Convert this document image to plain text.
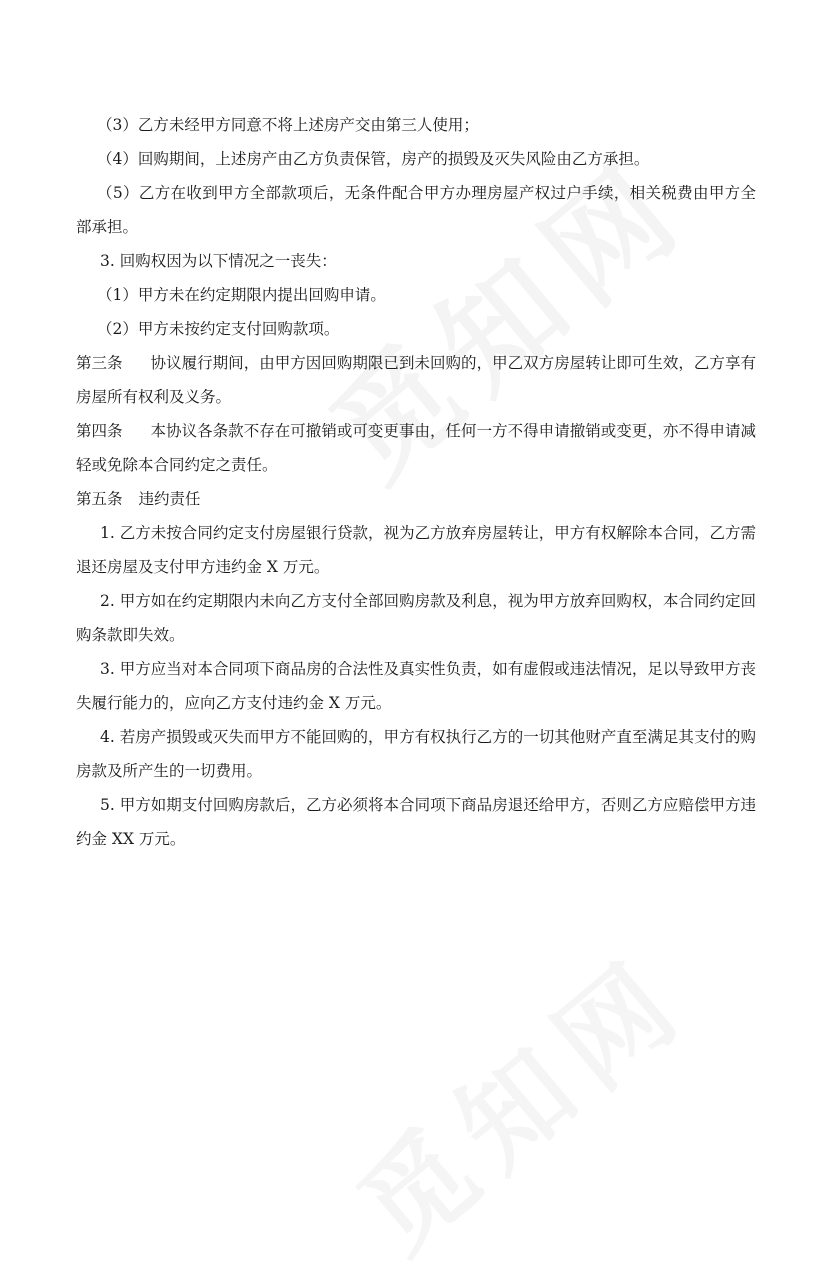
（3）乙方未经甲方同意不将上述房产交由第三人使用；

（4）回购期间，上述房产由乙方负责保管，房产的损毁及灭失风险由乙方承担。

（5）乙方在收到甲方全部款项后，无条件配合甲方办理房屋产权过户手续，相关税费由甲方全部承担。

3. 回购权因为以下情况之一丧失：

（1）甲方未在约定期限内提出回购申请。

（2）甲方未按约定支付回购款项。

第三条 协议履行期间，由甲方因回购期限已到未回购的，甲乙双方房屋转让即可生效，乙方享有房屋所有权利及义务。

第四条 本协议各条款不存在可撤销或可变更事由，任何一方不得申请撤销或变更，亦不得申请减轻或免除本合同约定之责任。

第五条 违约责任

1. 乙方未按合同约定支付房屋银行贷款，视为乙方放弃房屋转让，甲方有权解除本合同，乙方需退还房屋及支付甲方违约金 X 万元。

2. 甲方如在约定期限内未向乙方支付全部回购房款及利息，视为甲方放弃回购权，本合同约定回购条款即失效。

3. 甲方应当对本合同项下商品房的合法性及真实性负责，如有虚假或违法情况，足以导致甲方丧失履行能力的，应向乙方支付违约金 X 万元。

4. 若房产损毁或灭失而甲方不能回购的，甲方有权执行乙方的一切其他财产直至满足其支付的购房款及所产生的一切费用。

5. 甲方如期支付回购房款后，乙方必须将本合同项下商品房退还给甲方，否则乙方应赔偿甲方违约金 XX 万元。
